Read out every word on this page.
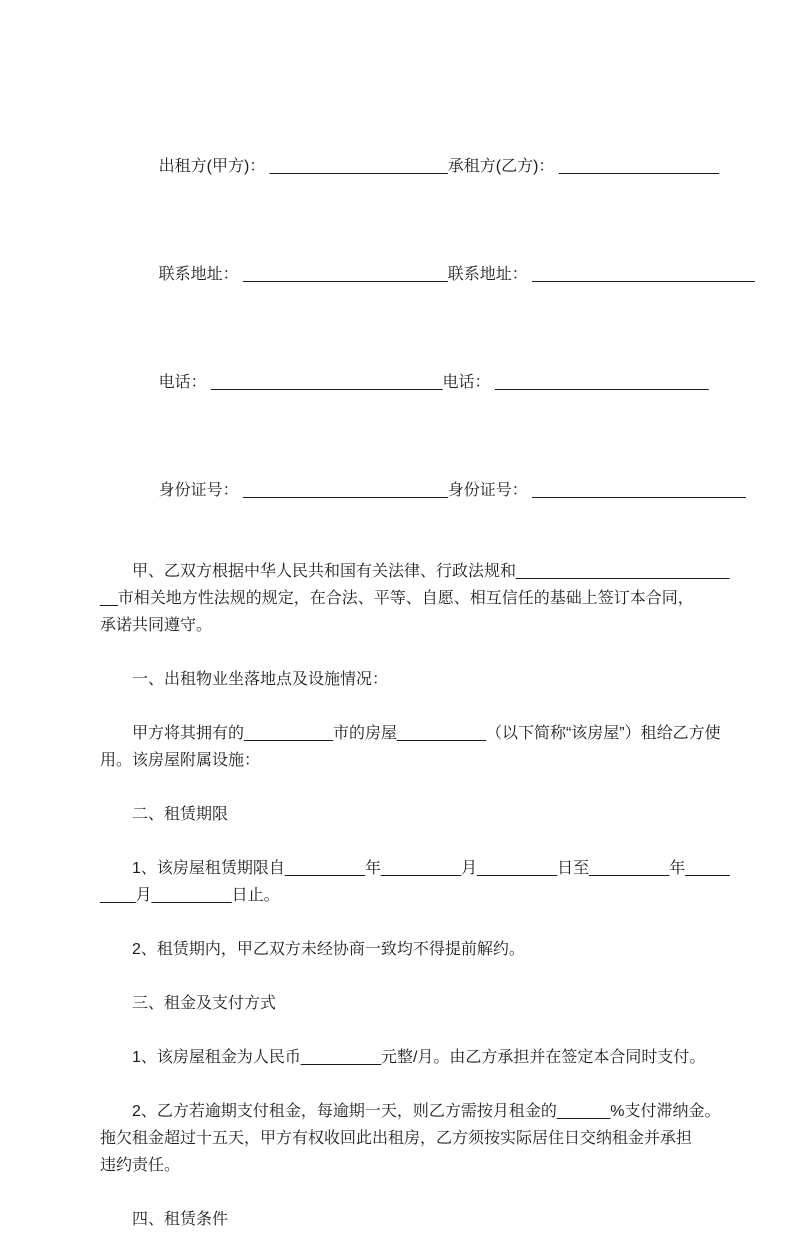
出租方(甲方)： ____________________承租方(乙方)： __________________

联系地址： _______________________联系地址： _________________________

电话： __________________________电话： ________________________

身份证号： _______________________身份证号： ________________________

甲、乙双方根据中华人民共和国有关法律、行政法规和________________________
__市相关地方性法规的规定，在合法、平等、自愿、相互信任的基础上签订本合同，
承诺共同遵守。
一、出租物业坐落地点及设施情况：
甲方将其拥有的__________市的房屋__________（以下简称“该房屋”）租给乙方使
用。该房屋附属设施：
二、租赁期限
1、该房屋租赁期限自_________年_________月_________日至_________年_____
____月_________日止。
2、租赁期内，甲乙双方未经协商一致均不得提前解约。
三、租金及支付方式
1、该房屋租金为人民币_________元整/月。由乙方承担并在签定本合同时支付。
2、乙方若逾期支付租金，每逾期一天，则乙方需按月租金的______%支付滞纳金。
拖欠租金超过十五天，甲方有权收回此出租房，乙方须按实际居住日交纳租金并承担
违约责任。
四、租赁条件
